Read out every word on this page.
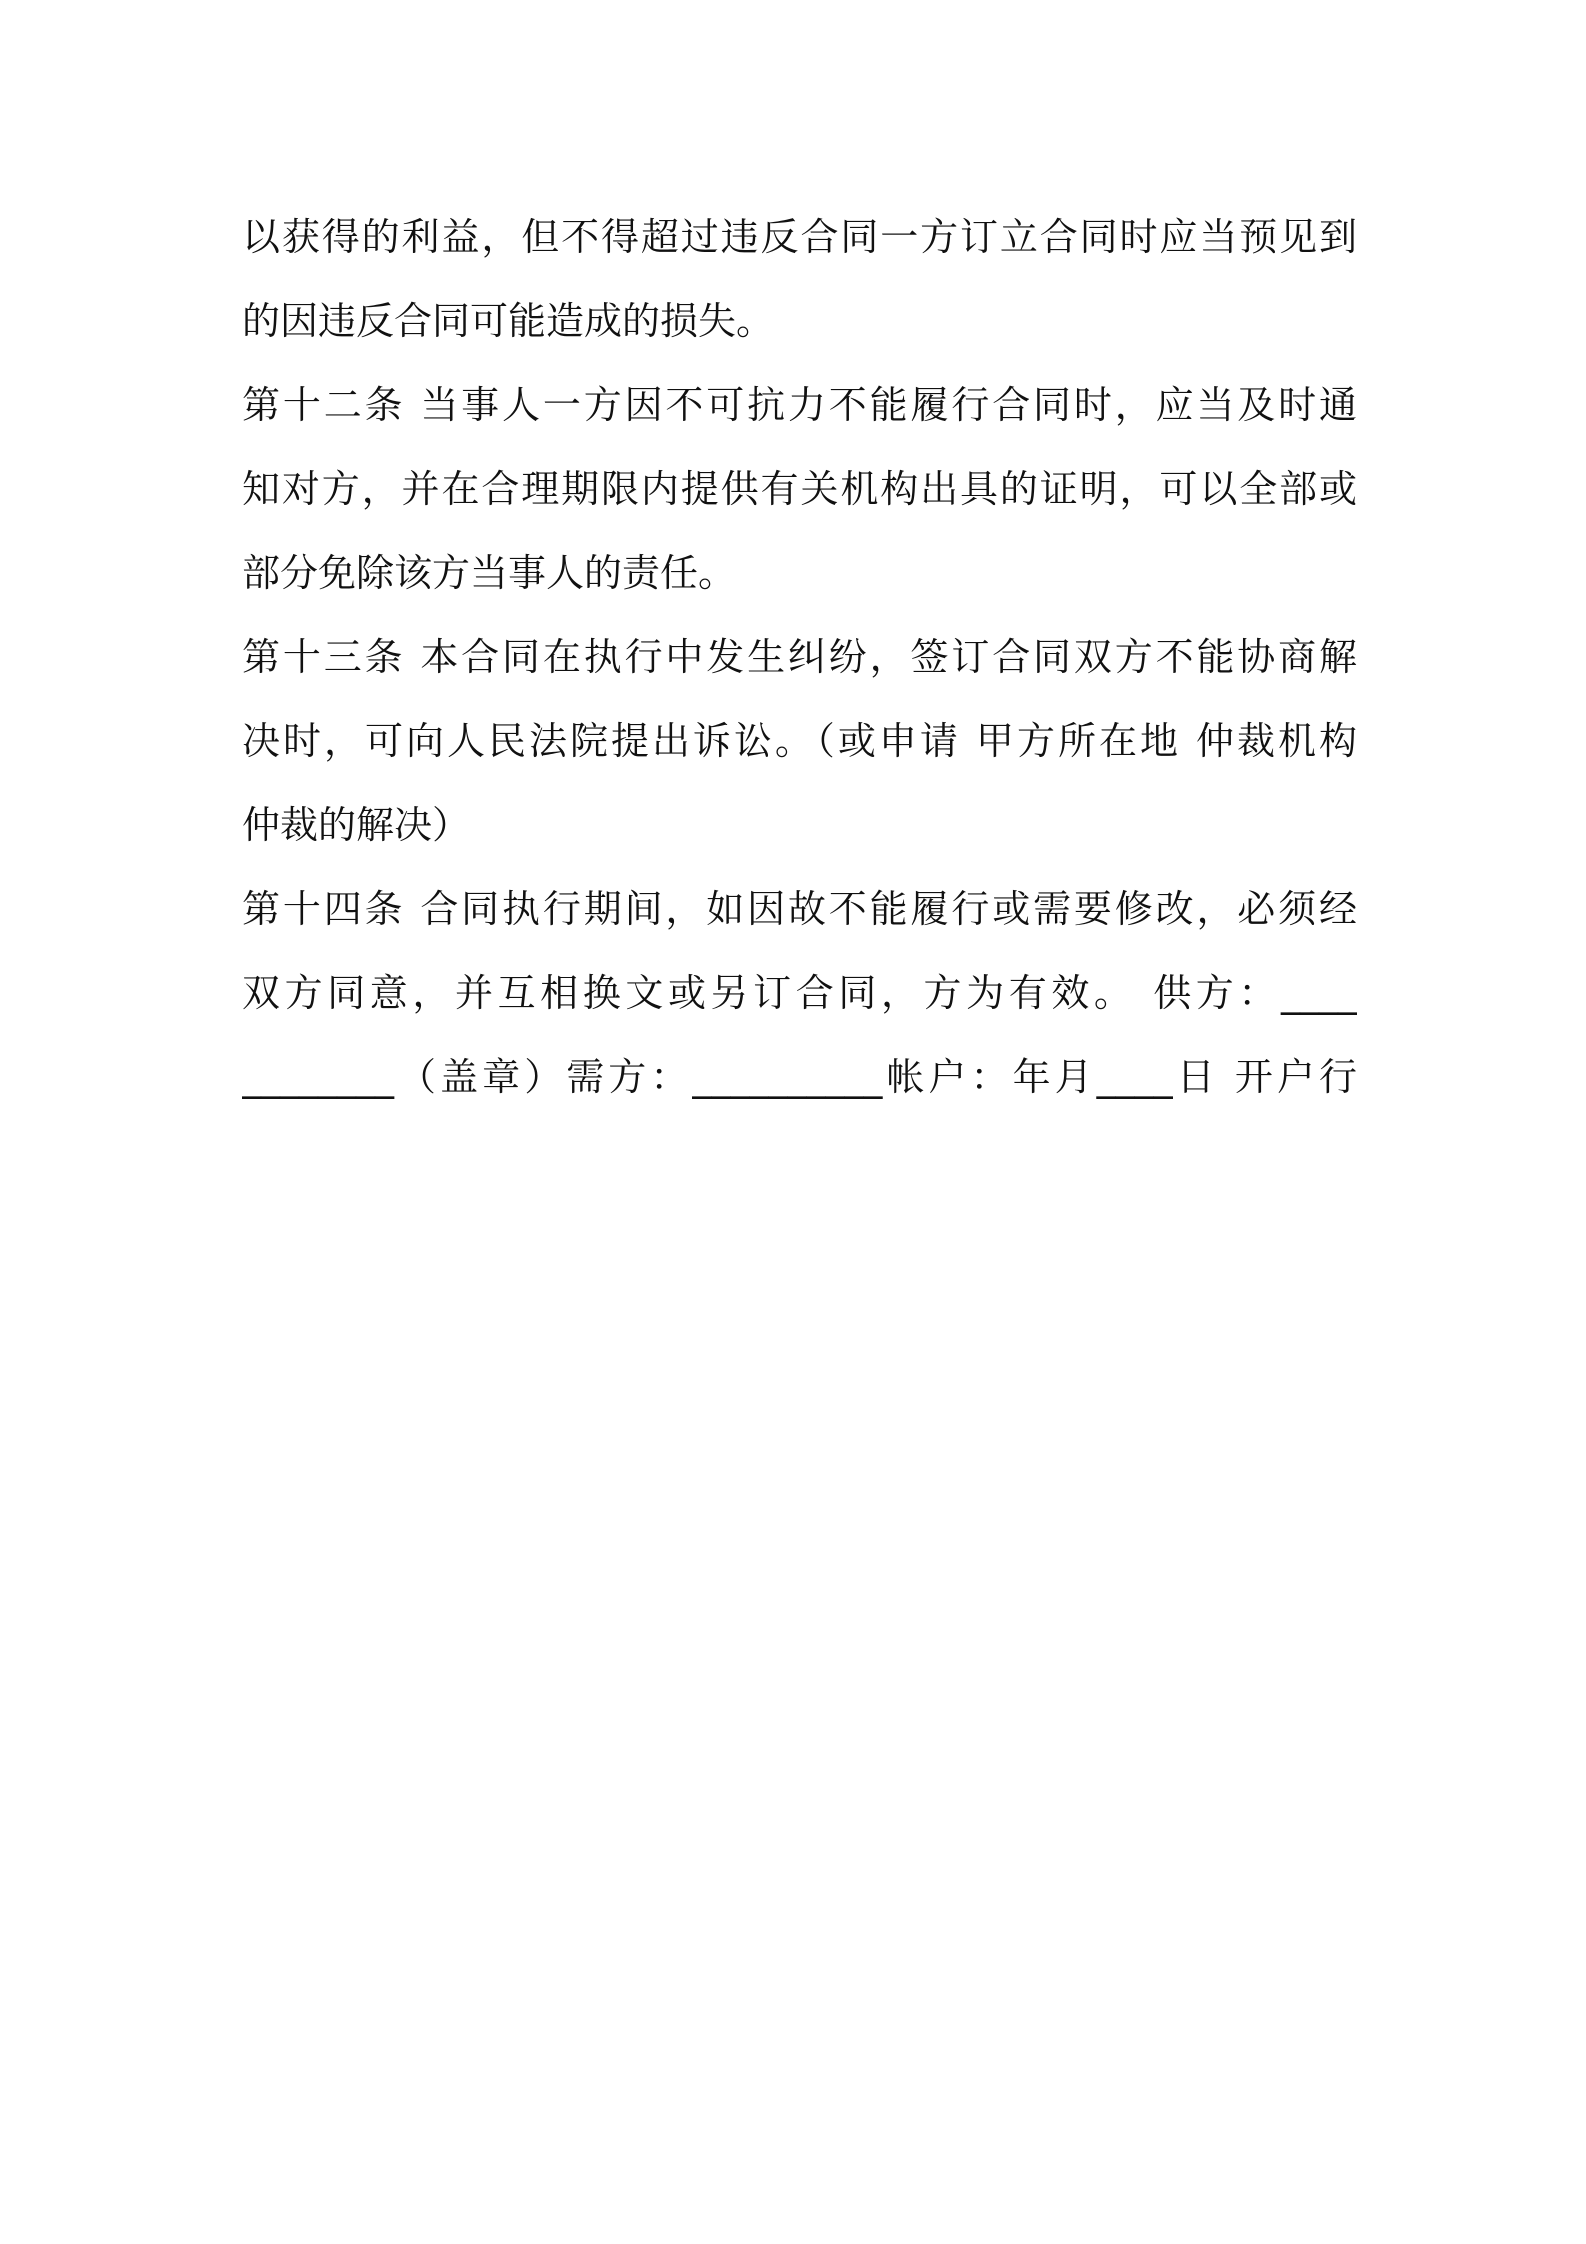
以获得的利益，但不得超过违反合同一方订立合同时应当预见到
的因违反合同可能造成的损失。
第十二条 当事人一方因不可抗力不能履行合同时，应当及时通
知对方，并在合理期限内提供有关机构出具的证明，可以全部或
部分免除该方当事人的责任。
第十三条 本合同在执行中发生纠纷，签订合同双方不能协商解
决时，可向人民法院提出诉讼。（或申请 甲方所在地 仲裁机构
仲裁的解决）
第十四条 合同执行期间，如因故不能履行或需要修改，必须经
双方同意，并互相换文或另订合同，方为有效。 供方：____
________（盖章）需方：__________帐户：年月____日 开户行
